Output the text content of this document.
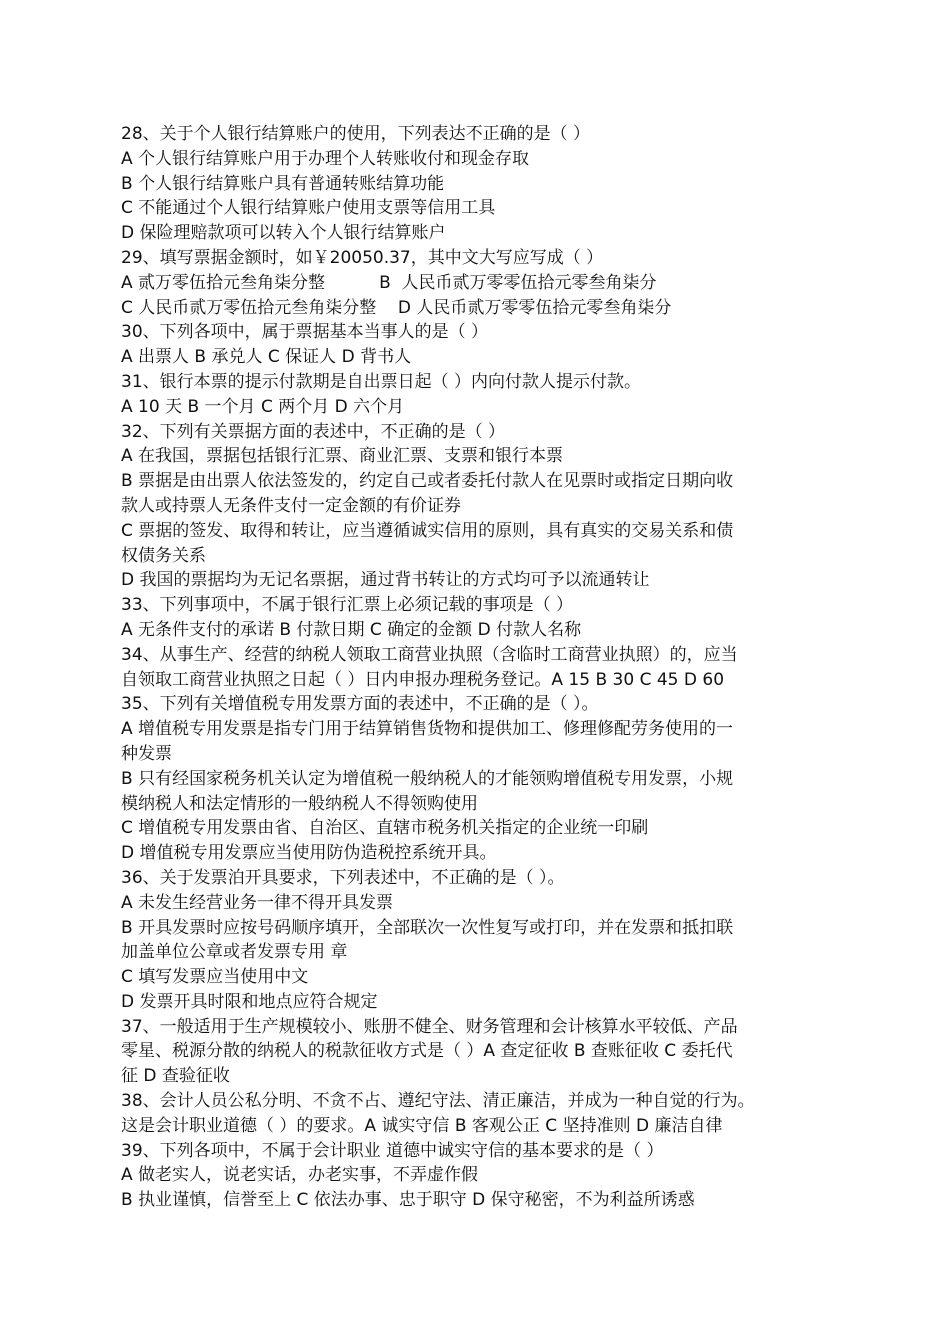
28、关于个人银行结算账户的使用，下列表达不正确的是（ ）
A 个人银行结算账户用于办理个人转账收付和现金存取
B 个人银行结算账户具有普通转账结算功能
C 不能通过个人银行结算账户使用支票等信用工具
D 保险理赔款项可以转入个人银行结算账户
29、填写票据金额时，如￥20050.37，其中文大写应写成（ ）
A 贰万零伍拾元叁角柒分整          B  人民币贰万零零伍拾元零叁角柒分
C 人民币贰万零伍拾元叁角柒分整    D 人民币贰万零零伍拾元零叁角柒分
30、下列各项中，属于票据基本当事人的是（ ）
A 出票人 B 承兑人 C 保证人 D 背书人
31、银行本票的提示付款期是自出票日起（ ）内向付款人提示付款。
A 10 天 B 一个月 C 两个月 D 六个月
32、下列有关票据方面的表述中，不正确的是（ ）
A 在我国，票据包括银行汇票、商业汇票、支票和银行本票
B 票据是由出票人依法签发的，约定自己或者委托付款人在见票时或指定日期向收
款人或持票人无条件支付一定金额的有价证券
C 票据的签发、取得和转让，应当遵循诚实信用的原则，具有真实的交易关系和债
权债务关系
D 我国的票据均为无记名票据，通过背书转让的方式均可予以流通转让
33、下列事项中，不属于银行汇票上必须记载的事项是（ ）
A 无条件支付的承诺 B 付款日期 C 确定的金额 D 付款人名称
34、从事生产、经营的纳税人领取工商营业执照（含临时工商营业执照）的，应当
自领取工商营业执照之日起（ ）日内申报办理税务登记。A 15 B 30 C 45 D 60
35、下列有关增值税专用发票方面的表述中，不正确的是（ ）。
A 增值税专用发票是指专门用于结算销售货物和提供加工、修理修配劳务使用的一
种发票
B 只有经国家税务机关认定为增值税一般纳税人的才能领购增值税专用发票，小规
模纳税人和法定情形的一般纳税人不得领购使用
C 增值税专用发票由省、自治区、直辖市税务机关指定的企业统一印刷
D 增值税专用发票应当使用防伪造税控系统开具。
36、关于发票泊开具要求，下列表述中，不正确的是（ ）。
A 未发生经营业务一律不得开具发票
B 开具发票时应按号码顺序填开，全部联次一次性复写或打印，并在发票和抵扣联
加盖单位公章或者发票专用 章
C 填写发票应当使用中文
D 发票开具时限和地点应符合规定
37、一般适用于生产规模较小、账册不健全、财务管理和会计核算水平较低、产品
零星、税源分散的纳税人的税款征收方式是（ ）A 查定征收 B 查账征收 C 委托代
征 D 查验征收
38、会计人员公私分明、不贪不占、遵纪守法、清正廉洁，并成为一种自觉的行为。
这是会计职业道德（ ）的要求。A 诚实守信 B 客观公正 C 坚持准则 D 廉洁自律
39、下列各项中，不属于会计职业 道德中诚实守信的基本要求的是（ ）
A 做老实人，说老实话，办老实事，不弄虚作假
B 执业谨慎，信誉至上 C 依法办事、忠于职守 D 保守秘密，不为利益所诱惑
